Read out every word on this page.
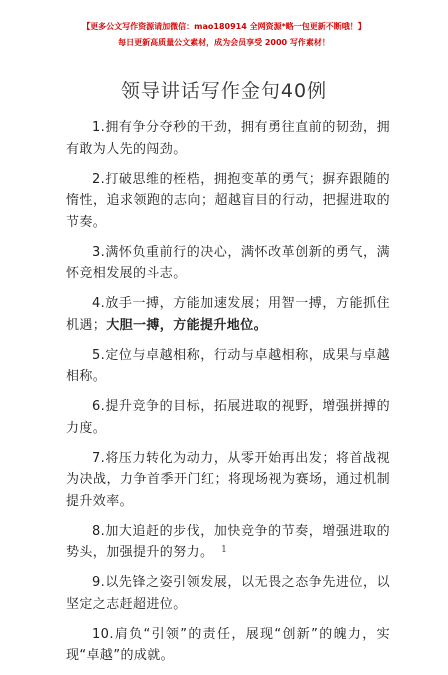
【更多公文写作资源请加微信：mao180914 全网资源*略一包更新不断哦！】
每日更新高质量公文素材，成为会员享受 2000 写作素材！
领导讲话写作金句40例

1.拥有争分夺秒的干劲，拥有勇往直前的韧劲，拥有敢为人先的闯劲。

2.打破思维的桎梏，拥抱变革的勇气；摒弃跟随的惰性，追求领跑的志向；超越盲目的行动，把握进取的节奏。

3.满怀负重前行的决心，满怀改革创新的勇气，满怀竞相发展的斗志。

4.放手一搏，方能加速发展；用智一搏，方能抓住机遇；大胆一搏，方能提升地位。

5.定位与卓越相称，行动与卓越相称，成果与卓越相称。

6.提升竞争的目标，拓展进取的视野，增强拼搏的力度。

7.将压力转化为动力，从零开始再出发；将首战视为决战，力争首季开门红；将现场视为赛场，通过机制提升效率。

8.加大追赶的步伐，加快竞争的节奏，增强进取的势头，加强提升的努力。

9.以先锋之姿引领发展，以无畏之态争先进位，以坚定之志赶超进位。

10.肩负“引领”的责任，展现“创新”的魄力，实现“卓越”的成就。

1
